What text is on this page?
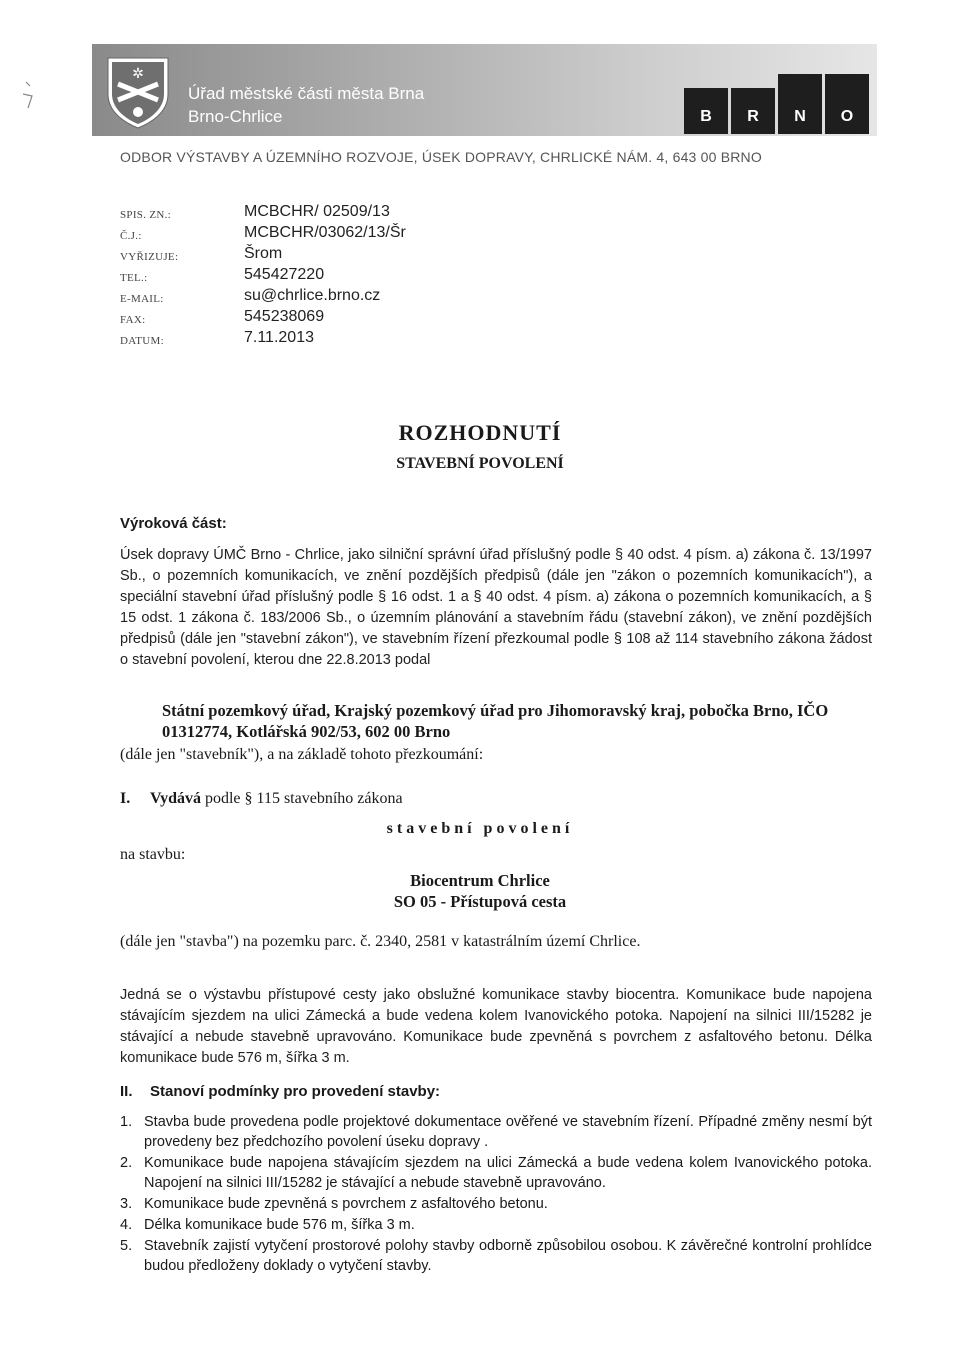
✲
Úřad městské části města Brna
Brno-Chrlice	B	R	N	O
ODBOR VÝSTAVBY A ÚZEMNÍHO ROZVOJE, ÚSEK DOPRAVY, CHRLICKÉ NÁM. 4, 643 00 BRNO
SPIS. ZN.:	MCBCHR/ 02509/13
Č.J.:	MCBCHR/03062/13/Šr
VYŘIZUJE:	Šrom
TEL.:	545427220
E-MAIL:	su@chrlice.brno.cz
FAX:	545238069
DATUM:	7.11.2013
ROZHODNUTÍ
STAVEBNÍ POVOLENÍ
Výroková část:
Úsek dopravy ÚMČ Brno - Chrlice, jako silniční správní úřad příslušný podle § 40 odst. 4 písm. a) zákona č. 13/1997 Sb., o pozemních komunikacích, ve znění pozdějších předpisů (dále jen "zákon o pozemních komunikacích"), a speciální stavební úřad příslušný podle § 16 odst. 1 a § 40 odst. 4 písm. a) zákona o pozemních komunikacích, a § 15 odst. 1 zákona č. 183/2006 Sb., o územním plánování a stavebním řádu (stavební zákon), ve znění pozdějších předpisů (dále jen "stavební zákon"), ve stavebním řízení přezkoumal podle § 108 až 114 stavebního zákona žádost o stavební povolení, kterou dne 22.8.2013 podal
Státní pozemkový úřad, Krajský pozemkový úřad pro Jihomoravský kraj, pobočka Brno, IČO 01312774, Kotlářská 902/53, 602 00 Brno
(dále jen "stavebník"), a na základě tohoto přezkoumání:
I. Vydává podle § 115 stavebního zákona
stavební povolení
na stavbu:
Biocentrum Chrlice
SO 05 - Přístupová cesta
(dále jen "stavba") na pozemku parc. č. 2340, 2581 v katastrálním území Chrlice.
Jedná se o výstavbu přístupové cesty jako obslužné komunikace stavby biocentra. Komunikace bude napojena stávajícím sjezdem na ulici Zámecká a bude vedena kolem Ivanovického potoka. Napojení na silnici III/15282 je stávající a nebude stavebně upravováno. Komunikace bude zpevněná s povrchem z asfaltového betonu. Délka komunikace bude 576 m, šířka 3 m.
II. Stanoví podmínky pro provedení stavby:
1. Stavba bude provedena podle projektové dokumentace ověřené ve stavebním řízení. Případné změny nesmí být provedeny bez předchozího povolení úseku dopravy .
2. Komunikace bude napojena stávajícím sjezdem na ulici Zámecká a bude vedena kolem Ivanovického potoka. Napojení na silnici III/15282 je stávající a nebude stavebně upravováno.
3. Komunikace bude zpevněná s povrchem z asfaltového betonu.
4. Délka komunikace bude 576 m, šířka 3 m.
5. Stavebník zajistí vytyčení prostorové polohy stavby odborně způsobilou osobou. K závěrečné kontrolní prohlídce budou předloženy doklady o vytyčení stavby.
